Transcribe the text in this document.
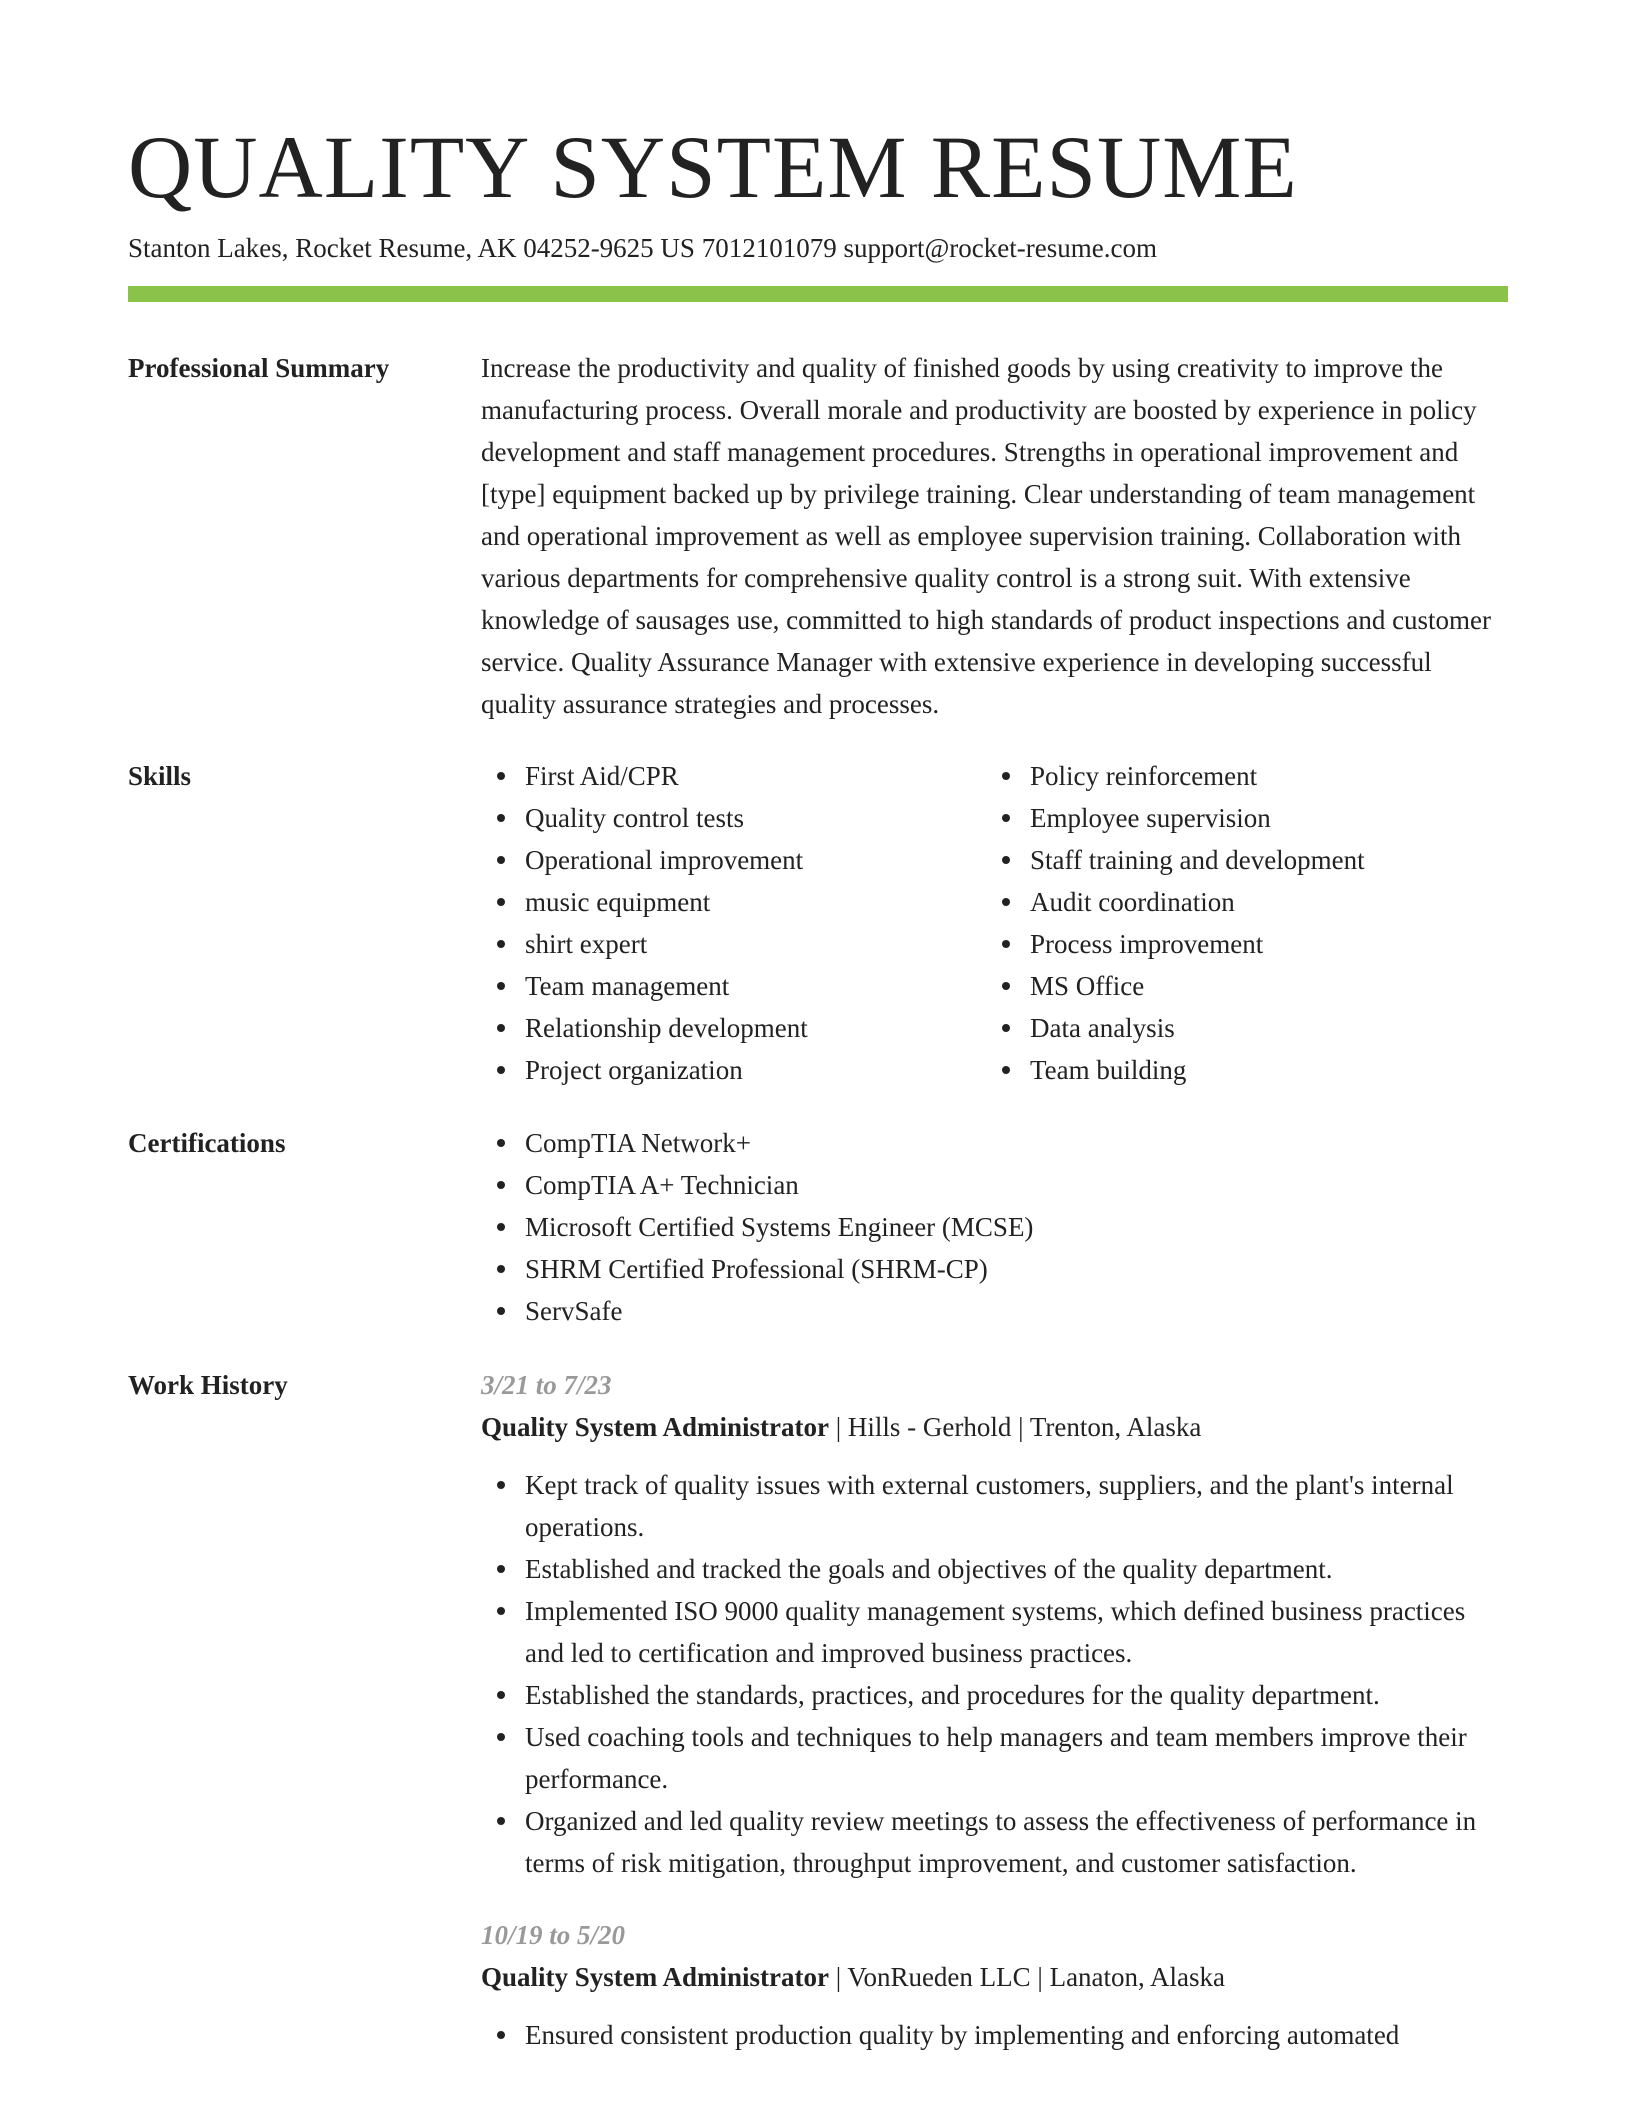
QUALITY SYSTEM RESUME
Stanton Lakes, Rocket Resume, AK 04252-9625 US 7012101079 support@rocket-resume.com
Professional Summary	Increase the productivity and quality of finished goods by using creativity to improve the manufacturing process. Overall morale and productivity are boosted by experience in policy development and staff management procedures. Strengths in operational improvement and [type] equipment backed up by privilege training. Clear understanding of team management and operational improvement as well as employee supervision training. Collaboration with various departments for comprehensive quality control is a strong suit. With extensive knowledge of sausages use, committed to high standards of product inspections and customer service. Quality Assurance Manager with extensive experience in developing successful quality assurance strategies and processes.

Skills	First Aid/CPR
Quality control tests
Operational improvement
music equipment
shirt expert
Team management
Relationship development
Project organization
Policy reinforcement
Employee supervision
Staff training and development
Audit coordination
Process improvement
MS Office
Data analysis
Team building
Certifications	CompTIA Network+
CompTIA A+ Technician
Microsoft Certified Systems Engineer (MCSE)
SHRM Certified Professional (SHRM-CP)
ServSafe
Work History	3/21 to 7/23
Quality System Administrator | Hills - Gerhold | Trenton, Alaska
Kept track of quality issues with external customers, suppliers, and the plant's internal operations.
Established and tracked the goals and objectives of the quality department.
Implemented ISO 9000 quality management systems, which defined business practices and led to certification and improved business practices.
Established the standards, practices, and procedures for the quality department.
Used coaching tools and techniques to help managers and team members improve their performance.
Organized and led quality review meetings to assess the effectiveness of performance in terms of risk mitigation, throughput improvement, and customer satisfaction.
10/19 to 5/20
Quality System Administrator | VonRueden LLC | Lanaton, Alaska
Ensured consistent production quality by implementing and enforcing automated
